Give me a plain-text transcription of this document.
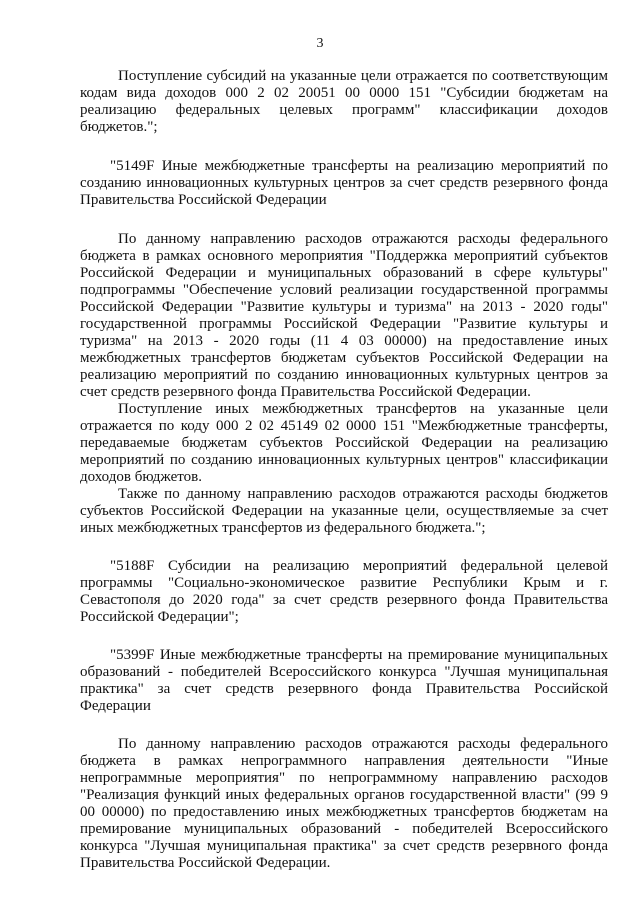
3

Поступление субсидий на указанные цели отражается по соответствующим кодам вида доходов 000 2 02 20051 00 0000 151 "Субсидии бюджетам на реализацию федеральных целевых программ" классификации доходов бюджетов.";

"5149F Иные межбюджетные трансферты на реализацию мероприятий по созданию инновационных культурных центров за счет средств резервного фонда Правительства Российской Федерации

По данному направлению расходов отражаются расходы федерального бюджета в рамках основного мероприятия "Поддержка мероприятий субъектов Российской Федерации и муниципальных образований в сфере культуры" подпрограммы "Обеспечение условий реализации государственной программы Российской Федерации "Развитие культуры и туризма" на 2013 - 2020 годы" государственной программы Российской Федерации "Развитие культуры и туризма" на 2013 - 2020 годы (11 4 03 00000) на предоставление иных межбюджетных трансфертов бюджетам субъектов Российской Федерации на реализацию мероприятий по созданию инновационных культурных центров за счет средств резервного фонда Правительства Российской Федерации.

Поступление иных межбюджетных трансфертов на указанные цели отражается по коду 000 2 02 45149 02 0000 151 "Межбюджетные трансферты, передаваемые бюджетам субъектов Российской Федерации на реализацию мероприятий по созданию инновационных культурных центров" классификации доходов бюджетов.

Также по данному направлению расходов отражаются расходы бюджетов субъектов Российской Федерации на указанные цели, осуществляемые за счет иных межбюджетных трансфертов из федерального бюджета.";

"5188F Субсидии на реализацию мероприятий федеральной целевой программы "Социально-экономическое развитие Республики Крым и г. Севастополя до 2020 года" за счет средств резервного фонда Правительства Российской Федерации";

"5399F Иные межбюджетные трансферты на премирование муниципальных образований - победителей Всероссийского конкурса "Лучшая муниципальная практика" за счет средств резервного фонда Правительства Российской Федерации

По данному направлению расходов отражаются расходы федерального бюджета в рамках непрограммного направления деятельности "Иные непрограммные мероприятия" по непрограммному направлению расходов "Реализация функций иных федеральных органов государственной власти" (99 9 00 00000) по предоставлению иных межбюджетных трансфертов бюджетам на премирование муниципальных образований - победителей Всероссийского конкурса "Лучшая муниципальная практика" за счет средств резервного фонда Правительства Российской Федерации.
